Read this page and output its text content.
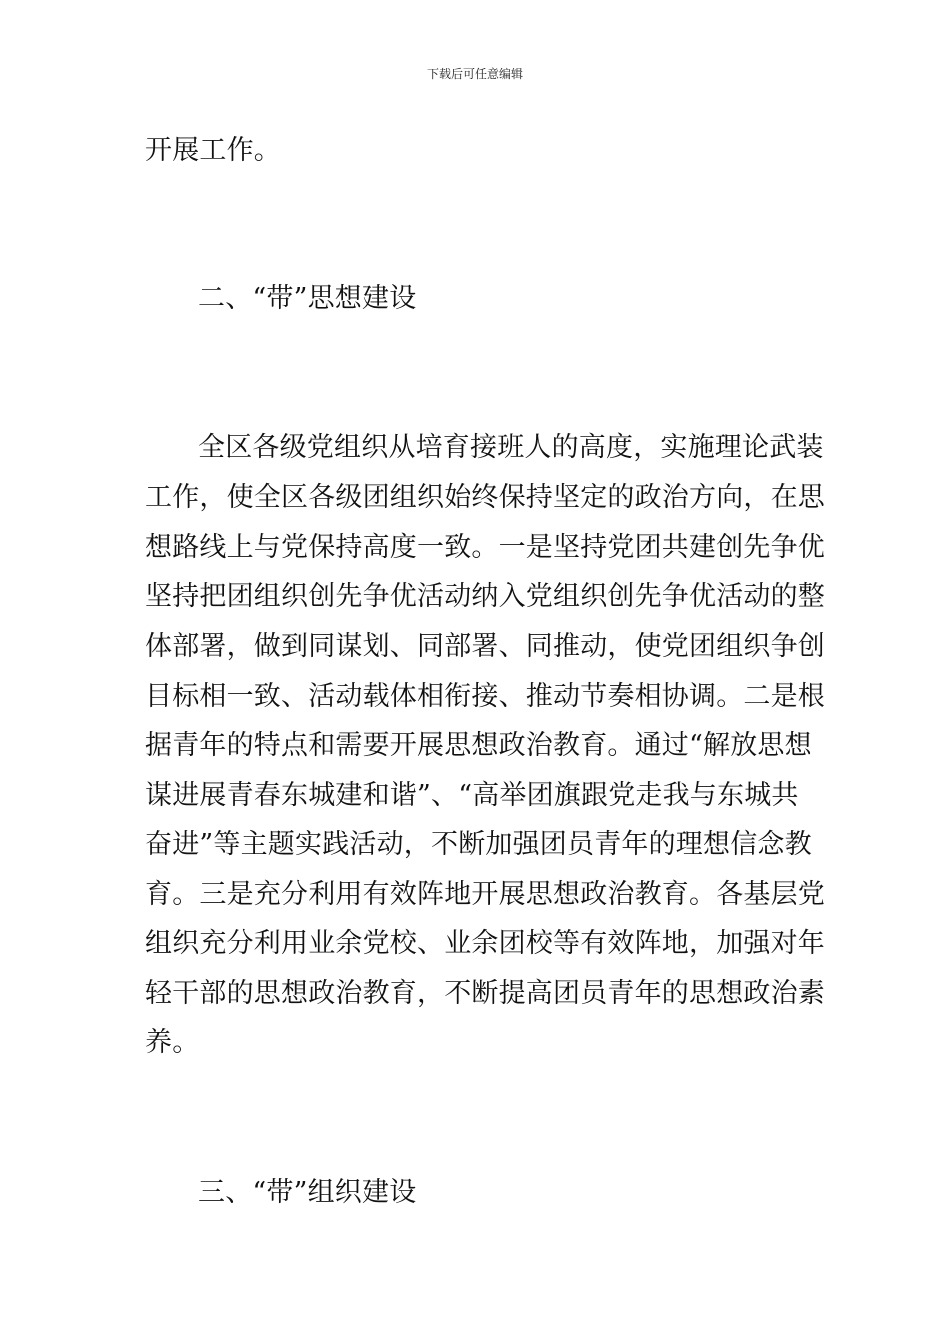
下载后可任意编辑
开展工作。
二、“带”思想建设
全区各级党组织从培育接班人的高度，实施理论武装
工作，使全区各级团组织始终保持坚定的政治方向，在思
想路线上与党保持高度一致。一是坚持党团共建创先争优
坚持把团组织创先争优活动纳入党组织创先争优活动的整
体部署，做到同谋划、同部署、同推动，使党团组织争创
目标相一致、活动载体相衔接、推动节奏相协调。二是根
据青年的特点和需要开展思想政治教育。通过“解放思想
谋进展青春东城建和谐”、“高举团旗跟党走我与东城共
奋进”等主题实践活动，不断加强团员青年的理想信念教
育。三是充分利用有效阵地开展思想政治教育。各基层党
组织充分利用业余党校、业余团校等有效阵地，加强对年
轻干部的思想政治教育，不断提高团员青年的思想政治素
养。
三、“带”组织建设
